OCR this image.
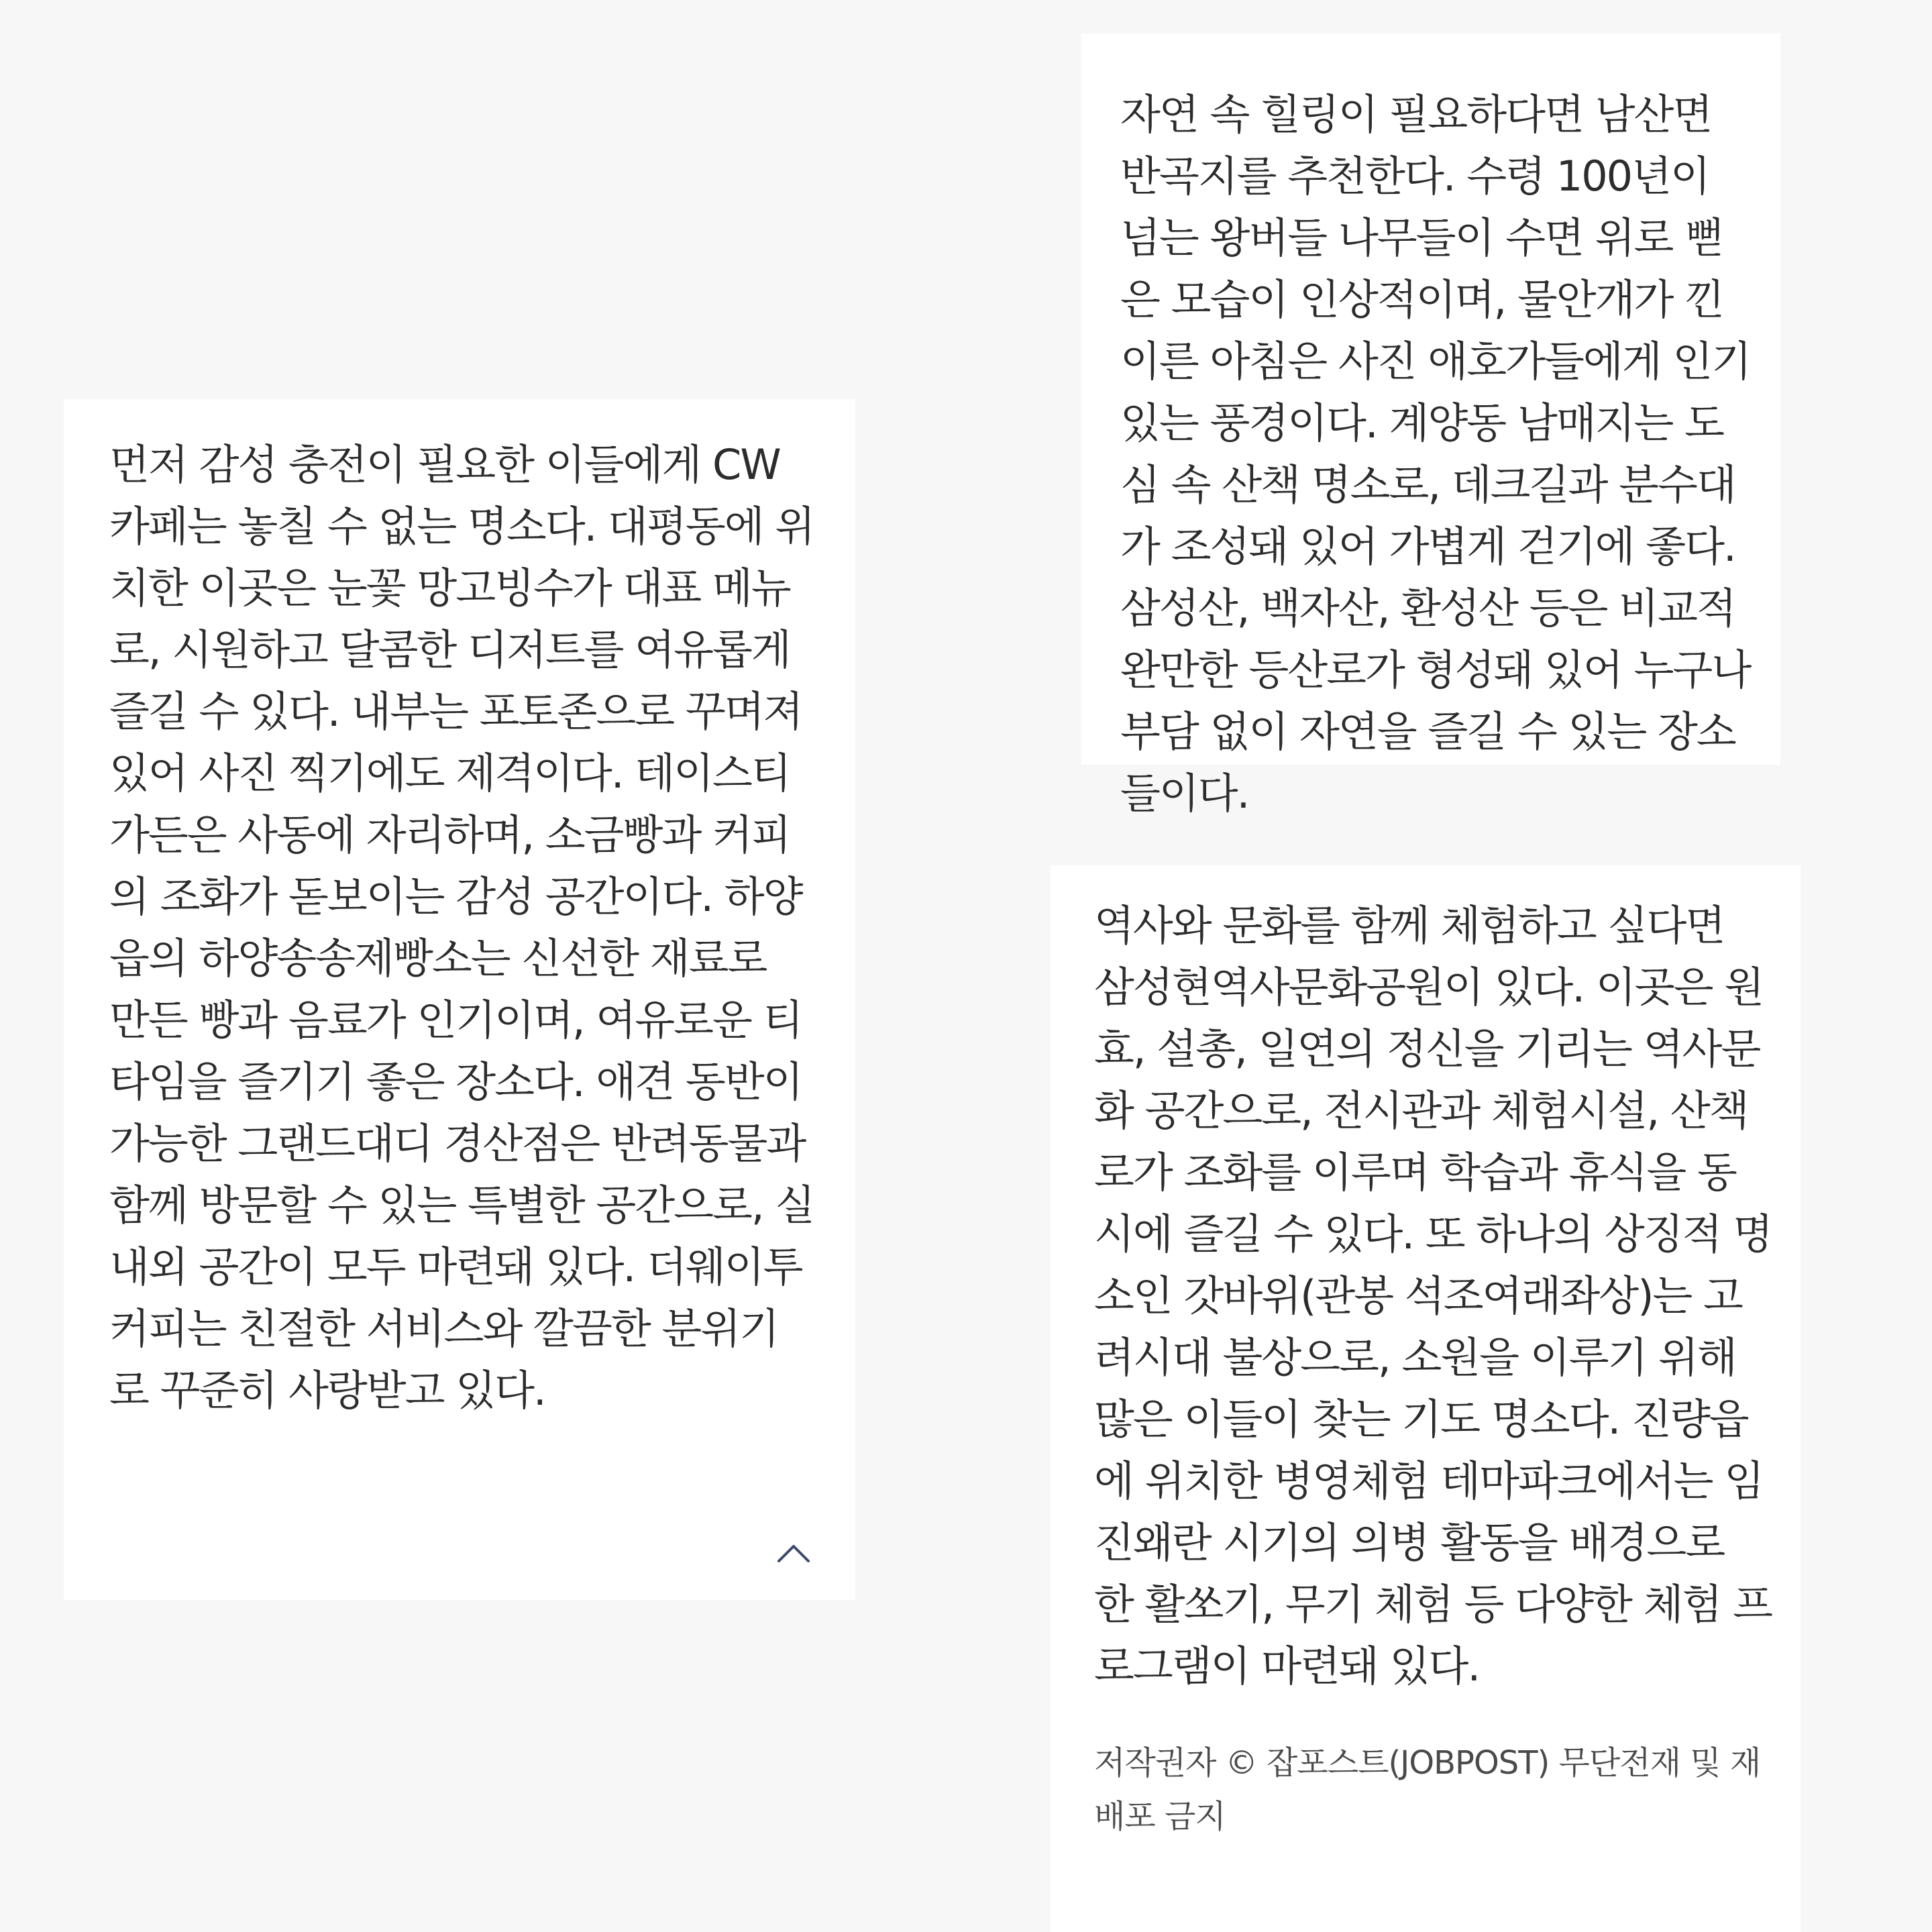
먼저 감성 충전이 필요한 이들에게 CW 카페는 놓칠 수 없는 명소다. 대평동에 위치한 이곳은 눈꽃 망고빙수가 대표 메뉴로, 시원하고 달콤한 디저트를 여유롭게 즐길 수 있다. 내부는 포토존으로 꾸며져 있어 사진 찍기에도 제격이다. 테이스티 가든은 사동에 자리하며, 소금빵과 커피의 조화가 돋보이는 감성 공간이다. 하양읍의 하양송송제빵소는 신선한 재료로 만든 빵과 음료가 인기이며, 여유로운 티타임을 즐기기 좋은 장소다. 애견 동반이 가능한 그랜드대디 경산점은 반려동물과 함께 방문할 수 있는 특별한 공간으로, 실내외 공간이 모두 마련돼 있다. 더웨이투커피는 친절한 서비스와 깔끔한 분위기로 꾸준히 사랑받고 있다.

자연 속 힐링이 필요하다면 남산면 반곡지를 추천한다. 수령 100년이 넘는 왕버들 나무들이 수면 위로 뻗은 모습이 인상적이며, 물안개가 낀 이른 아침은 사진 애호가들에게 인기 있는 풍경이다. 계양동 남매지는 도심 속 산책 명소로, 데크길과 분수대가 조성돼 있어 가볍게 걷기에 좋다. 삼성산, 백자산, 환성산 등은 비교적 완만한 등산로가 형성돼 있어 누구나 부담 없이 자연을 즐길 수 있는 장소들이다.

역사와 문화를 함께 체험하고 싶다면 삼성현역사문화공원이 있다. 이곳은 원효, 설총, 일연의 정신을 기리는 역사문화 공간으로, 전시관과 체험시설, 산책로가 조화를 이루며 학습과 휴식을 동시에 즐길 수 있다. 또 하나의 상징적 명소인 갓바위(관봉 석조여래좌상)는 고려시대 불상으로, 소원을 이루기 위해 많은 이들이 찾는 기도 명소다. 진량읍에 위치한 병영체험 테마파크에서는 임진왜란 시기의 의병 활동을 배경으로 한 활쏘기, 무기 체험 등 다양한 체험 프로그램이 마련돼 있다.

저작권자 © 잡포스트(JOBPOST) 무단전재 및 재배포 금지
